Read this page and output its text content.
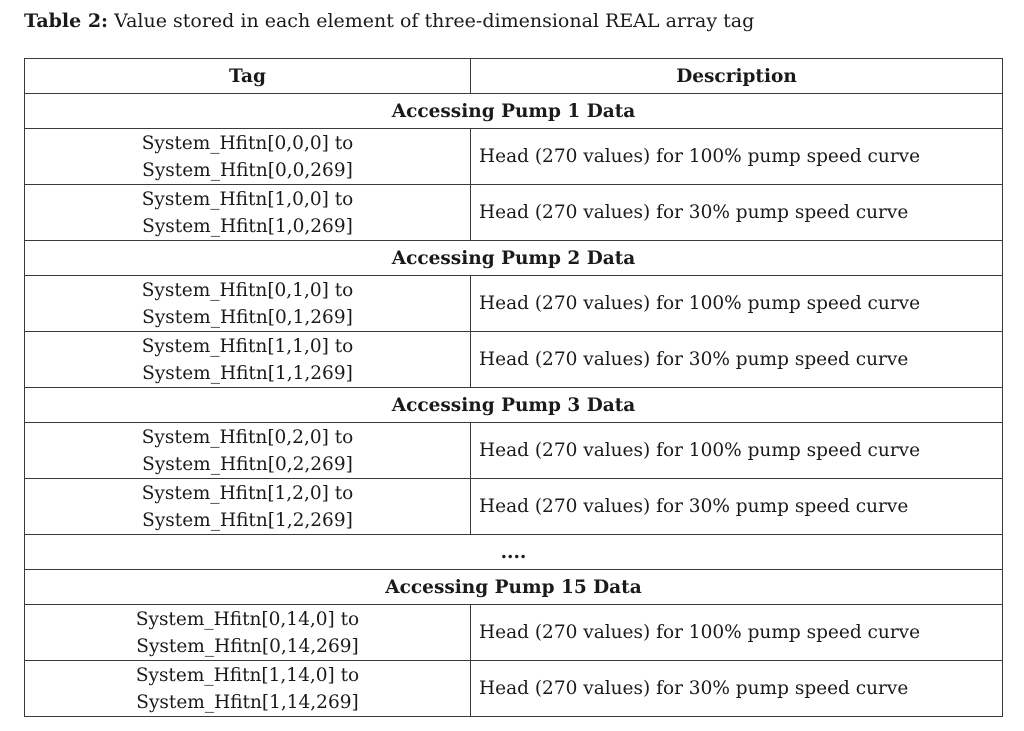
Table 2: Value stored in each element of three-dimensional REAL array tag
Tag	Description
Accessing Pump 1 Data	

System_Hfitn[0,0,0] to
System_Hfitn[0,0,269]	Head (270 values) for 100% pump speed curve

System_Hfitn[1,0,0] to
System_Hfitn[1,0,269]	Head (270 values) for 30% pump speed curve
Accessing Pump 2 Data	

System_Hfitn[0,1,0] to
System_Hfitn[0,1,269]	Head (270 values) for 100% pump speed curve

System_Hfitn[1,1,0] to
System_Hfitn[1,1,269]	Head (270 values) for 30% pump speed curve
Accessing Pump 3 Data	

System_Hfitn[0,2,0] to
System_Hfitn[0,2,269]	Head (270 values) for 100% pump speed curve

System_Hfitn[1,2,0] to
System_Hfitn[1,2,269]	Head (270 values) for 30% pump speed curve
....	
Accessing Pump 15 Data	

System_Hfitn[0,14,0] to
System_Hfitn[0,14,269]	Head (270 values) for 100% pump speed curve

System_Hfitn[1,14,0] to
System_Hfitn[1,14,269]	Head (270 values) for 30% pump speed curve
